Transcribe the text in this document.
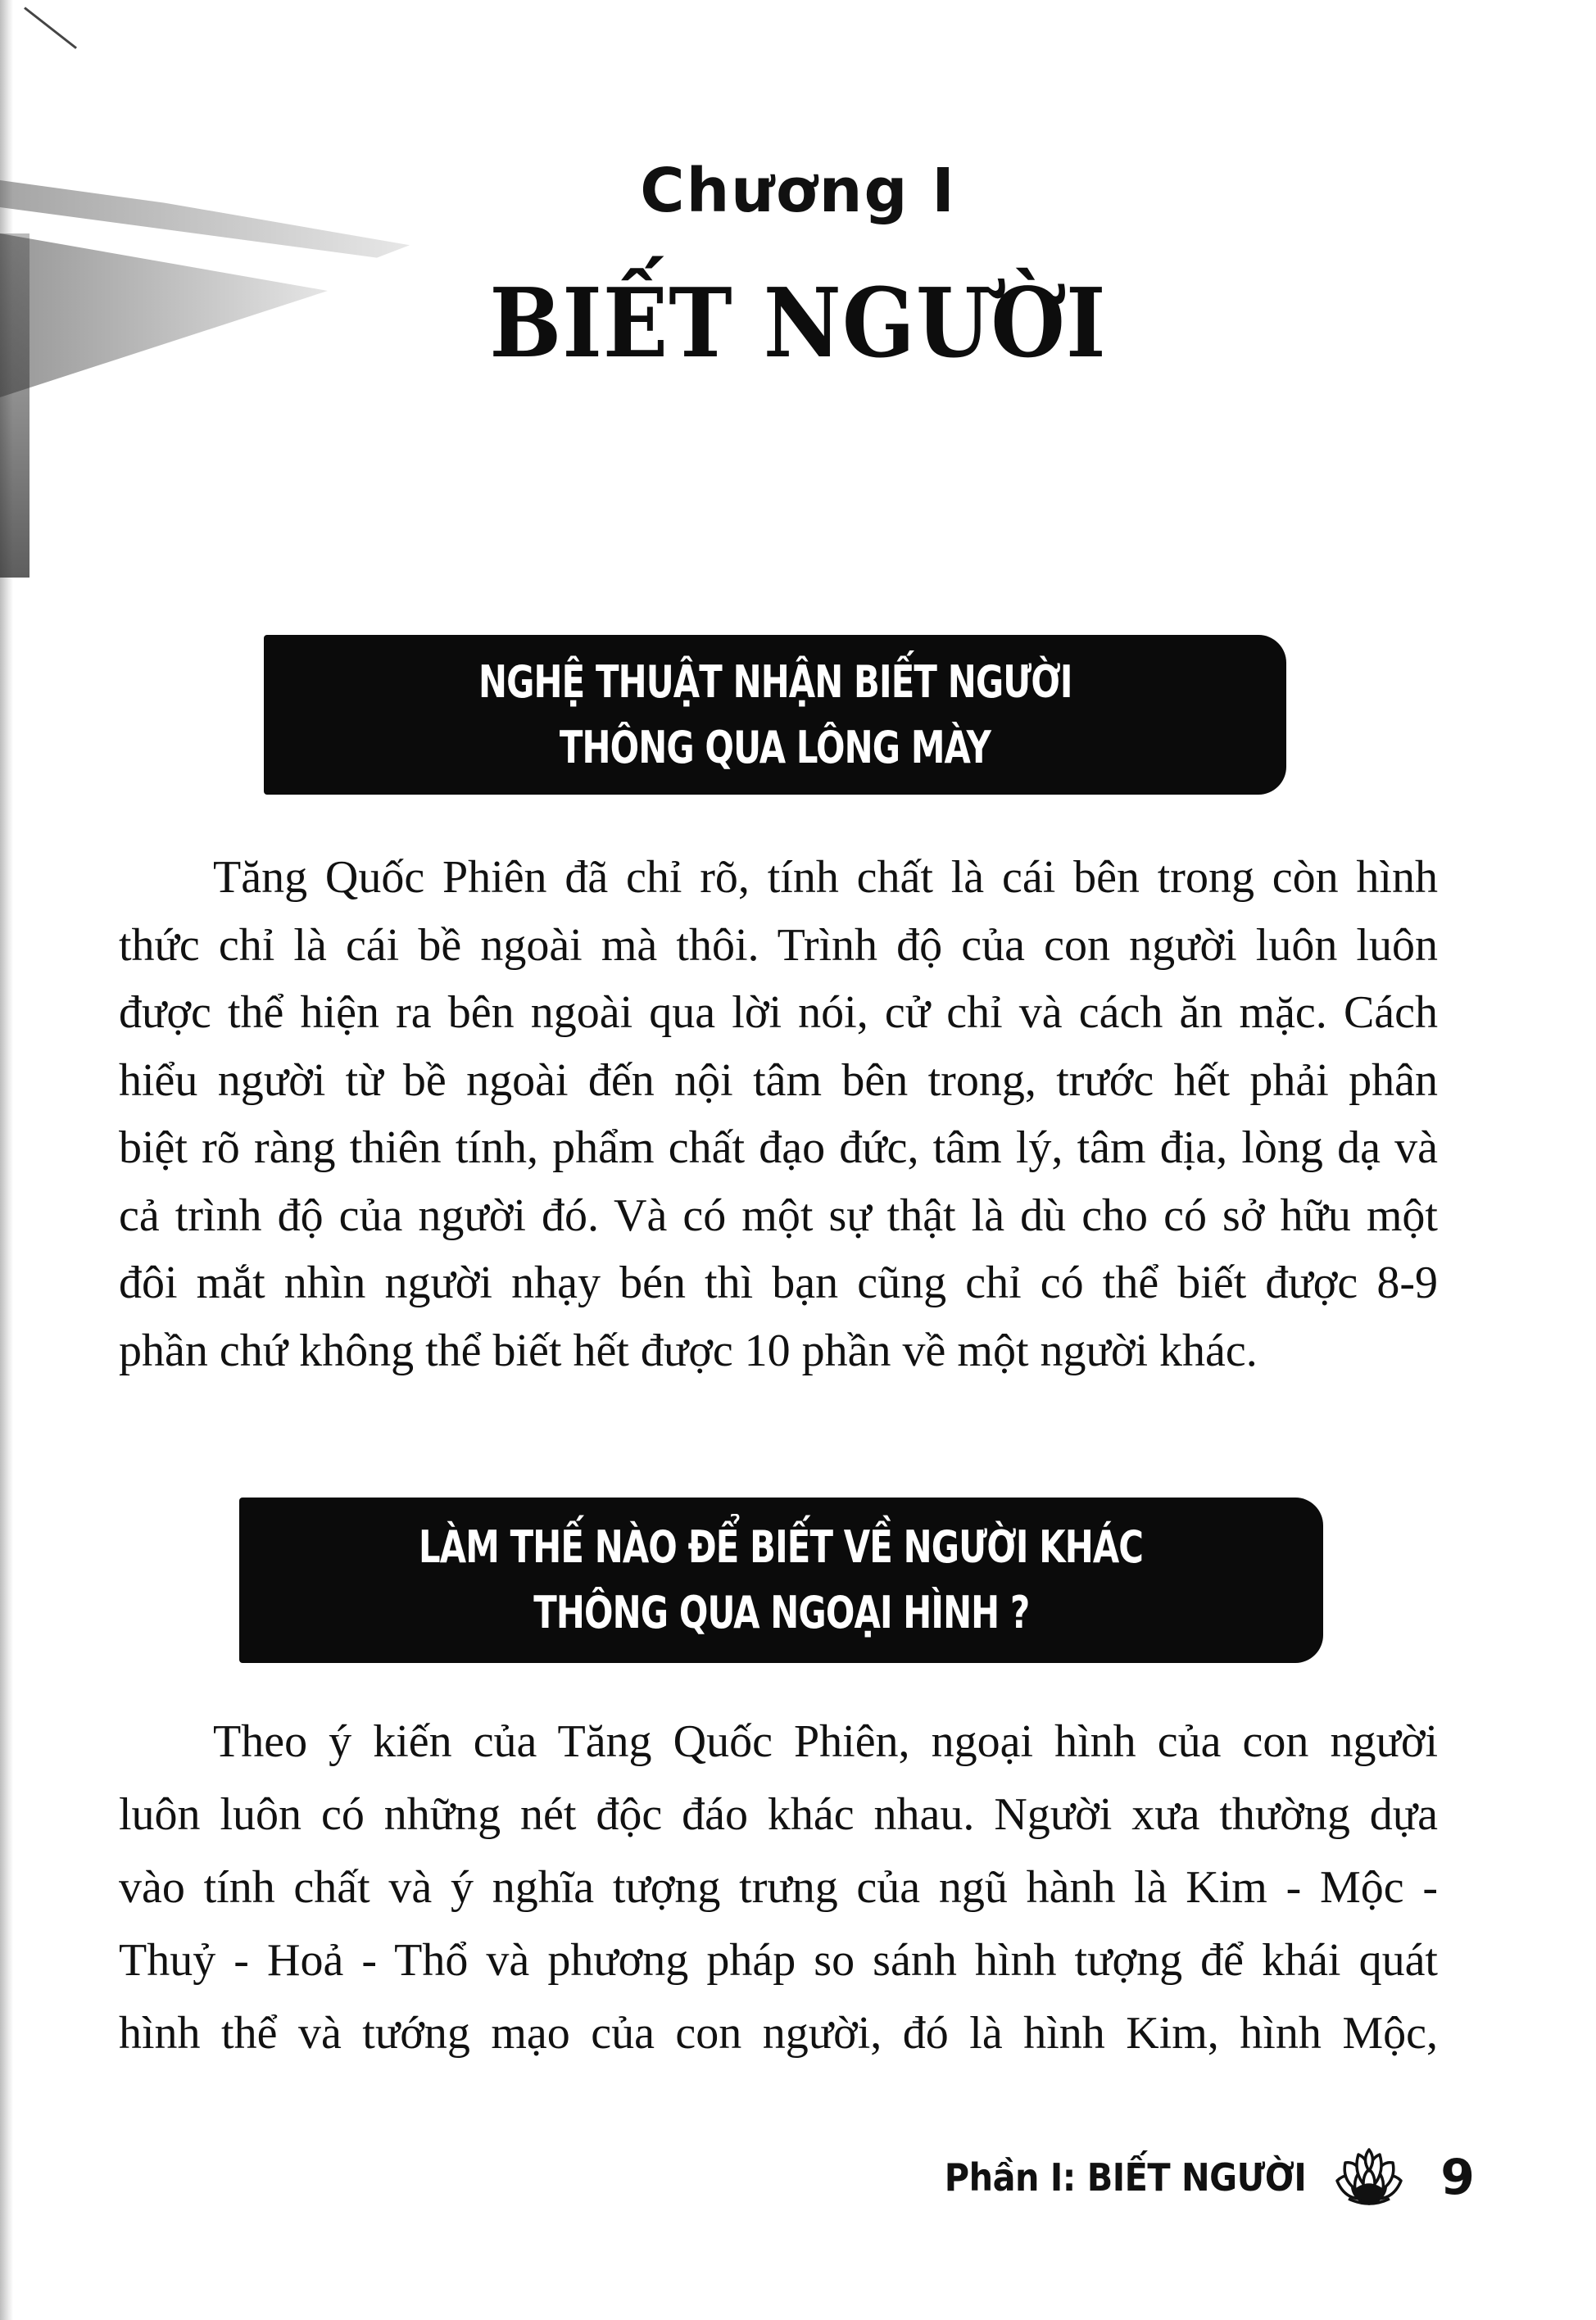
Chương I
BIẾT NGƯỜI
NGHỆ THUẬT NHẬN BIẾT NGƯỜI
THÔNG QUA LÔNG MÀY
Tăng Quốc Phiên đã chỉ rõ, tính chất là cái bên trong còn hình
thức chỉ là cái bề ngoài mà thôi. Trình độ của con người luôn luôn
được thể hiện ra bên ngoài qua lời nói, cử chỉ và cách ăn mặc. Cách
hiểu người từ bề ngoài đến nội tâm bên trong, trước hết phải phân
biệt rõ ràng thiên tính, phẩm chất đạo đức, tâm lý, tâm địa, lòng dạ và
cả trình độ của người đó. Và có một sự thật là dù cho có sở hữu một
đôi mắt nhìn người nhạy bén thì bạn cũng chỉ có thể biết được 8-9
phần chứ không thể biết hết được 10 phần về một người khác.
LÀM THẾ NÀO ĐỂ BIẾT VỀ NGƯỜI KHÁC
THÔNG QUA NGOẠI HÌNH ?
Theo ý kiến của Tăng Quốc Phiên, ngoại hình của con người
luôn luôn có những nét độc đáo khác nhau. Người xưa thường dựa
vào tính chất và ý nghĩa tượng trưng của ngũ hành là Kim - Mộc -
Thuỷ - Hoả - Thổ và phương pháp so sánh hình tượng để khái quát
hình thể và tướng mạo của con người, đó là hình Kim, hình Mộc,
Phần I: BIẾT NGƯỜI	9
